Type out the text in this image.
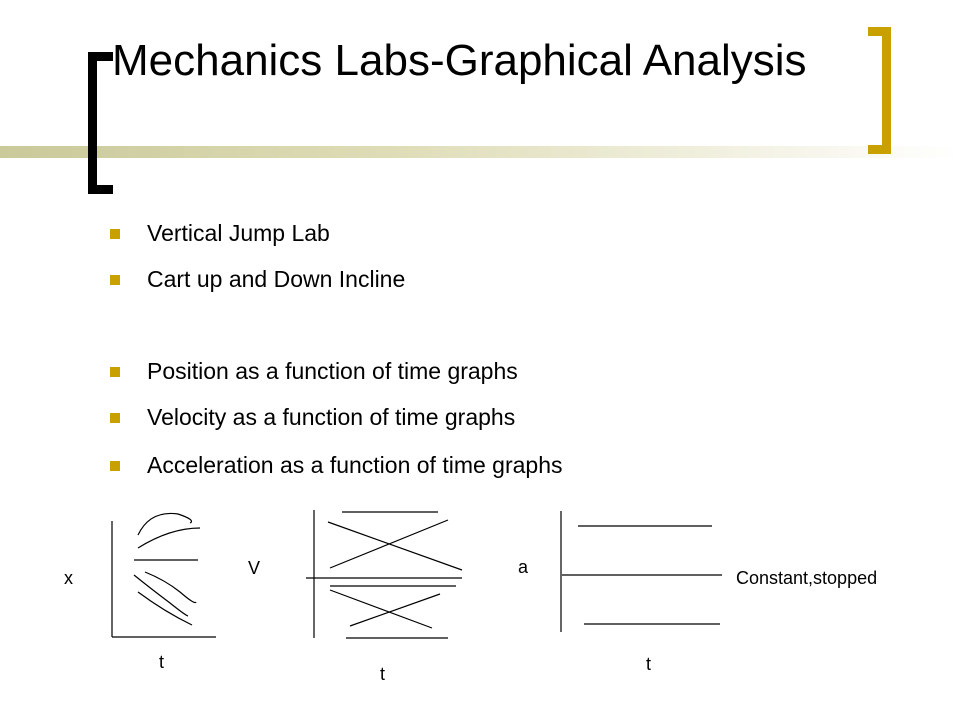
Mechanics Labs-Graphical Analysis
Vertical Jump Lab
Cart up and Down Incline
Position as a function of time graphs
Velocity as a function of time graphs
Acceleration as a function of time graphs
x
t
V
t
a
t
Constant,stopped
